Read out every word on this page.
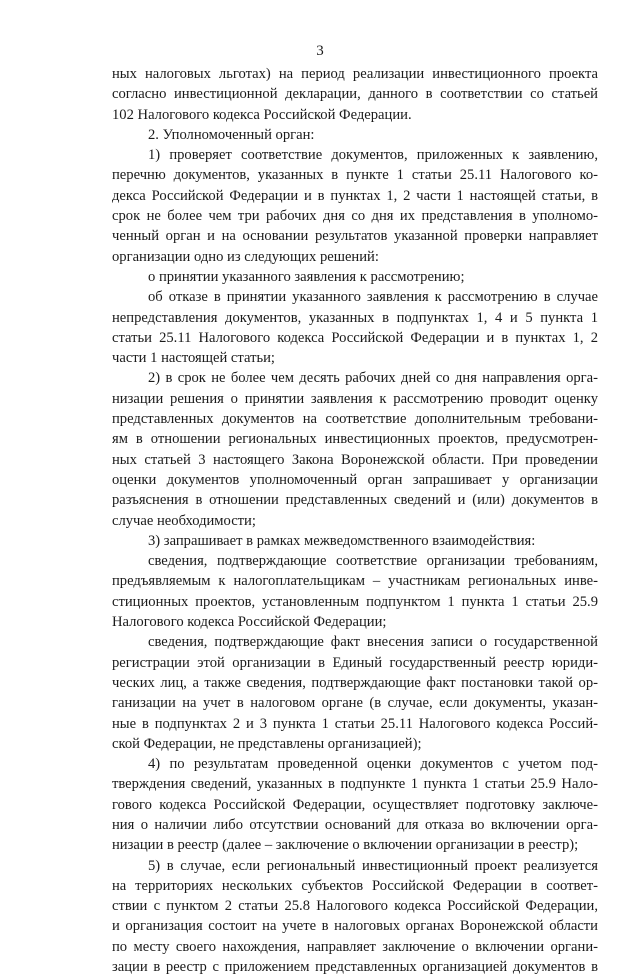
3
ных налоговых льготах) на период реализации инвестиционного проекта
согласно инвестиционной декларации, данного в соответствии со статьей
102 Налогового кодекса Российской Федерации.
2. Уполномоченный орган:
1) проверяет соответствие документов, приложенных к заявлению,
перечню документов, указанных в пункте 1 статьи 25.11 Налогового ко-
декса Российской Федерации и в пунктах 1, 2 части 1 настоящей статьи, в
срок не более чем три рабочих дня со дня их представления в уполномо-
ченный орган и на основании результатов указанной проверки направляет
организации одно из следующих решений:
о принятии указанного заявления к рассмотрению;
об отказе в принятии указанного заявления к рассмотрению в случае
непредставления документов, указанных в подпунктах 1, 4 и 5 пункта 1
статьи 25.11 Налогового кодекса Российской Федерации и в пунктах 1, 2
части 1 настоящей статьи;
2) в срок не более чем десять рабочих дней со дня направления орга-
низации решения о принятии заявления к рассмотрению проводит оценку
представленных документов на соответствие дополнительным требовани-
ям в отношении региональных инвестиционных проектов, предусмотрен-
ных статьей 3 настоящего Закона Воронежской области. При проведении
оценки документов уполномоченный орган запрашивает у организации
разъяснения в отношении представленных сведений и (или) документов в
случае необходимости;
3) запрашивает в рамках межведомственного взаимодействия:
сведения, подтверждающие соответствие организации требованиям,
предъявляемым к налогоплательщикам – участникам региональных инве-
стиционных проектов, установленным подпунктом 1 пункта 1 статьи 25.9
Налогового кодекса Российской Федерации;
сведения, подтверждающие факт внесения записи о государственной
регистрации этой организации в Единый государственный реестр юриди-
ческих лиц, а также сведения, подтверждающие факт постановки такой ор-
ганизации на учет в налоговом органе (в случае, если документы, указан-
ные в подпунктах 2 и 3 пункта 1 статьи 25.11 Налогового кодекса Россий-
ской Федерации, не представлены организацией);
4) по результатам проведенной оценки документов с учетом под-
тверждения сведений, указанных в подпункте 1 пункта 1 статьи 25.9 Нало-
гового кодекса Российской Федерации, осуществляет подготовку заключе-
ния о наличии либо отсутствии оснований для отказа во включении орга-
низации в реестр (далее – заключение о включении организации в реестр);
5) в случае, если региональный инвестиционный проект реализуется
на территориях нескольких субъектов Российской Федерации в соответ-
ствии с пунктом 2 статьи 25.8 Налогового кодекса Российской Федерации,
и организация состоит на учете в налоговых органах Воронежской области
по месту своего нахождения, направляет заключение о включении органи-
зации в реестр с приложением представленных организацией документов в
